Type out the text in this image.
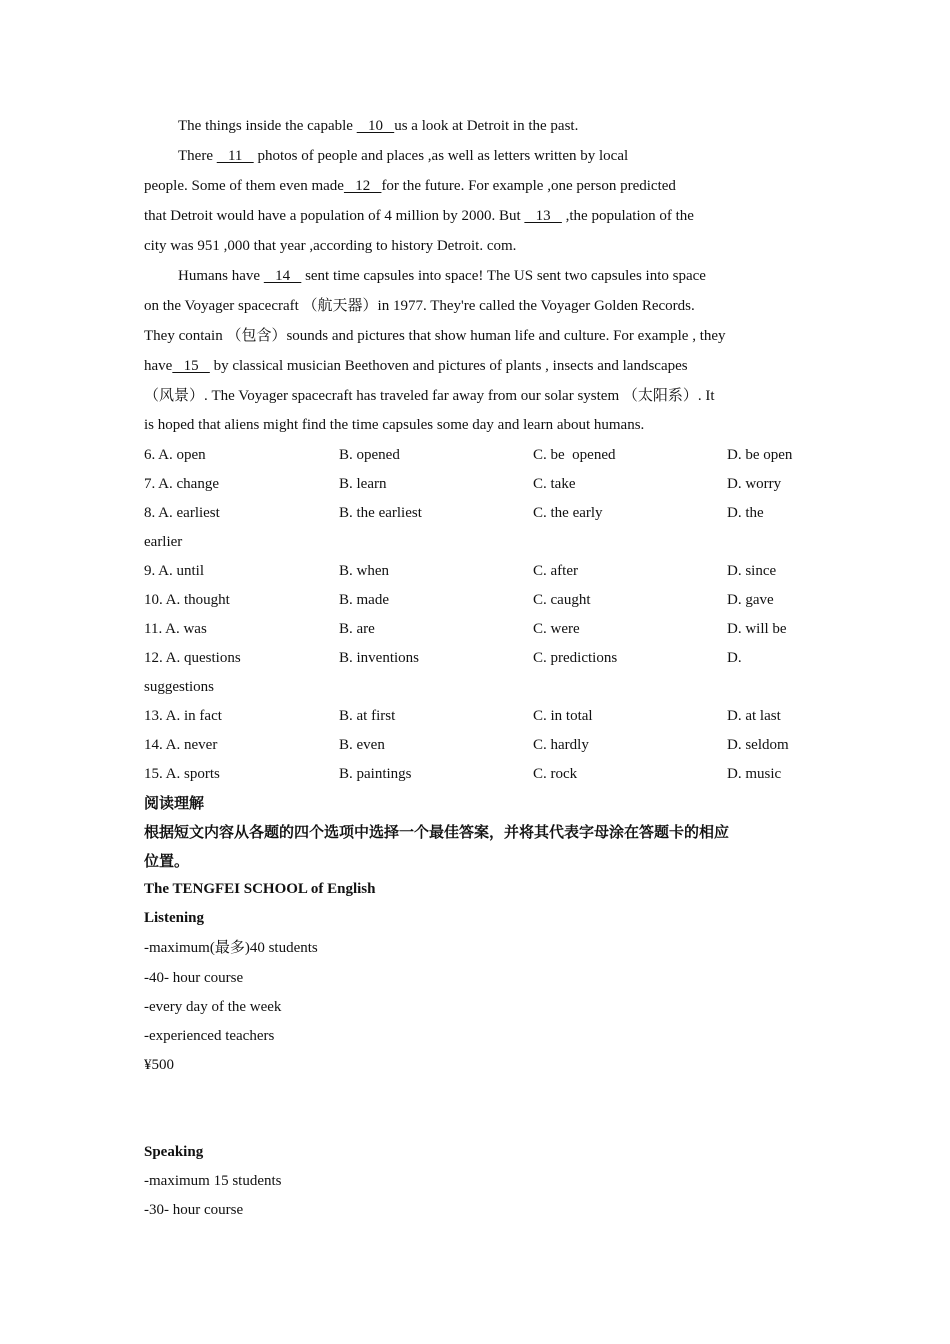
The things inside the capable    10   us a look at Detroit in the past.
There    11    photos of people and places ,as well as letters written by local
people. Some of them even made   12   for the future. For example ,one person predicted
that Detroit would have a population of 4 million by 2000. But    13    ,the population of the
city was 951 ,000 that year ,according to history Detroit. com.
Humans have    14    sent time capsules into space! The US sent two capsules into space
on the Voyager spacecraft （航天器）in 1977. They're called the Voyager Golden Records.
They contain （包含）sounds and pictures that show human life and culture. For example , they
have   15    by classical musician Beethoven and pictures of plants , insects and landscapes
（风景）. The Voyager spacecraft has traveled far away from our solar system （太阳系）. It
is hoped that aliens might find the time capsules some day and learn about humans.
6. A. open	B. opened	C. be  opened	D. be open
7. A. change	B. learn	C. take	D. worry
8. A. earliest	B. the earliest	C. the early	D. the
earlier
9. A. until	B. when	C. after	D. since
10. A. thought	B. made	C. caught	D. gave
11. A. was	B. are	C. were	D. will be
12. A. questions	B. inventions	C. predictions	D.
suggestions
13. A. in fact	B. at first	C. in total	D. at last
14. A. never	B. even	C. hardly	D. seldom
15. A. sports	B. paintings	C. rock	D. music
阅读理解
根据短文内容从各题的四个选项中选择一个最佳答案，并将其代表字母涂在答题卡的相应
位置。
The TENGFEI SCHOOL of English
Listening
-maximum(最多)40 students
-40- hour course
-every day of the week
-experienced teachers
¥500
Speaking
-maximum 15 students
-30- hour course
